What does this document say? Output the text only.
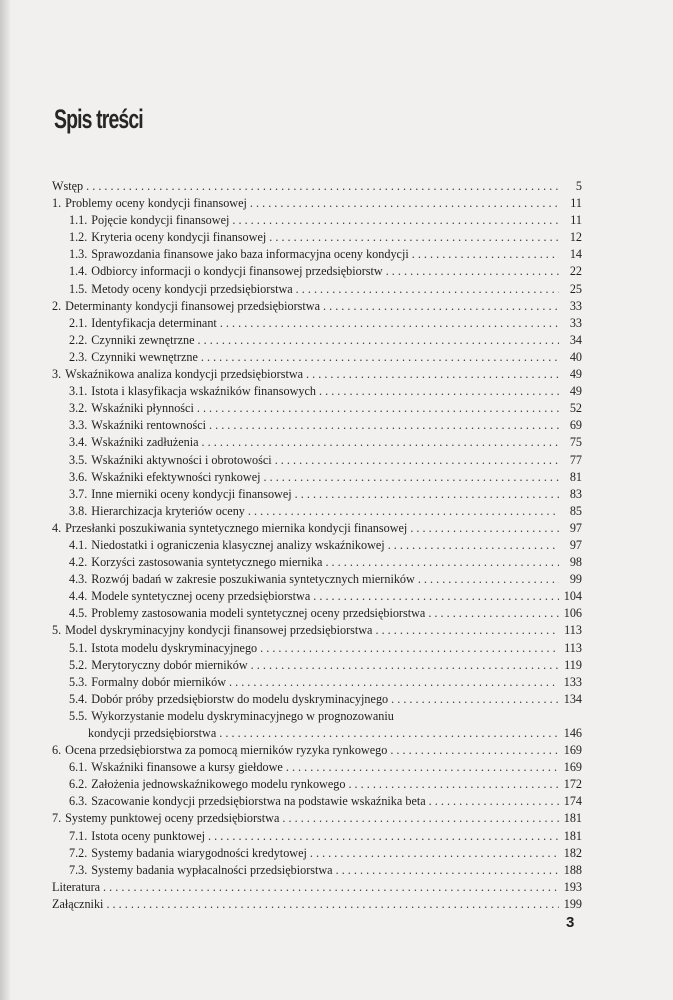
Spis treści
Wstęp . . .	5
1. Problemy oceny kondycji finansowej . . .	11
1.1. Pojęcie kondycji finansowej . . .	11
1.2. Kryteria oceny kondycji finansowej . . .	12
1.3. Sprawozdania finansowe jako baza informacyjna oceny kondycji . . .	14
1.4. Odbiorcy informacji o kondycji finansowej przedsiębiorstw . . .	22
1.5. Metody oceny kondycji przedsiębiorstwa . . .	25
2. Determinanty kondycji finansowej przedsiębiorstwa . . .	33
2.1. Identyfikacja determinant . . .	33
2.2. Czynniki zewnętrzne . . .	34
2.3. Czynniki wewnętrzne . . .	40
3. Wskaźnikowa analiza kondycji przedsiębiorstwa . . .	49
3.1. Istota i klasyfikacja wskaźników finansowych . . .	49
3.2. Wskaźniki płynności . . .	52
3.3. Wskaźniki rentowności . . .	69
3.4. Wskaźniki zadłużenia . . .	75
3.5. Wskaźniki aktywności i obrotowości . . .	77
3.6. Wskaźniki efektywności rynkowej . . .	81
3.7. Inne mierniki oceny kondycji finansowej . . .	83
3.8. Hierarchizacja kryteriów oceny . . .	85
4. Przesłanki poszukiwania syntetycznego miernika kondycji finansowej . . .	97
4.1. Niedostatki i ograniczenia klasycznej analizy wskaźnikowej . . .	97
4.2. Korzyści zastosowania syntetycznego miernika . . .	98
4.3. Rozwój badań w zakresie poszukiwania syntetycznych mierników . . .	99
4.4. Modele syntetycznej oceny przedsiębiorstwa . . .	104
4.5. Problemy zastosowania modeli syntetycznej oceny przedsiębiorstwa . . .	106
5. Model dyskryminacyjny kondycji finansowej przedsiębiorstwa . . .	113
5.1. Istota modelu dyskryminacyjnego . . .	113
5.2. Merytoryczny dobór mierników . . .	119
5.3. Formalny dobór mierników . . .	133
5.4. Dobór próby przedsiębiorstw do modelu dyskryminacyjnego . . .	134
5.5. Wykorzystanie modelu dyskryminacyjnego w prognozowaniu
kondycji przedsiębiorstwa . . .	146
6. Ocena przedsiębiorstwa za pomocą mierników ryzyka rynkowego . . .	169
6.1. Wskaźniki finansowe a kursy giełdowe . . .	169
6.2. Założenia jednowskaźnikowego modelu rynkowego . . .	172
6.3. Szacowanie kondycji przedsiębiorstwa na podstawie wskaźnika beta . . .	174
7. Systemy punktowej oceny przedsiębiorstwa . . .	181
7.1. Istota oceny punktowej . . .	181
7.2. Systemy badania wiarygodności kredytowej . . .	182
7.3. Systemy badania wypłacalności przedsiębiorstwa . . .	188
Literatura . . .	193
Załączniki . . .	199
3
